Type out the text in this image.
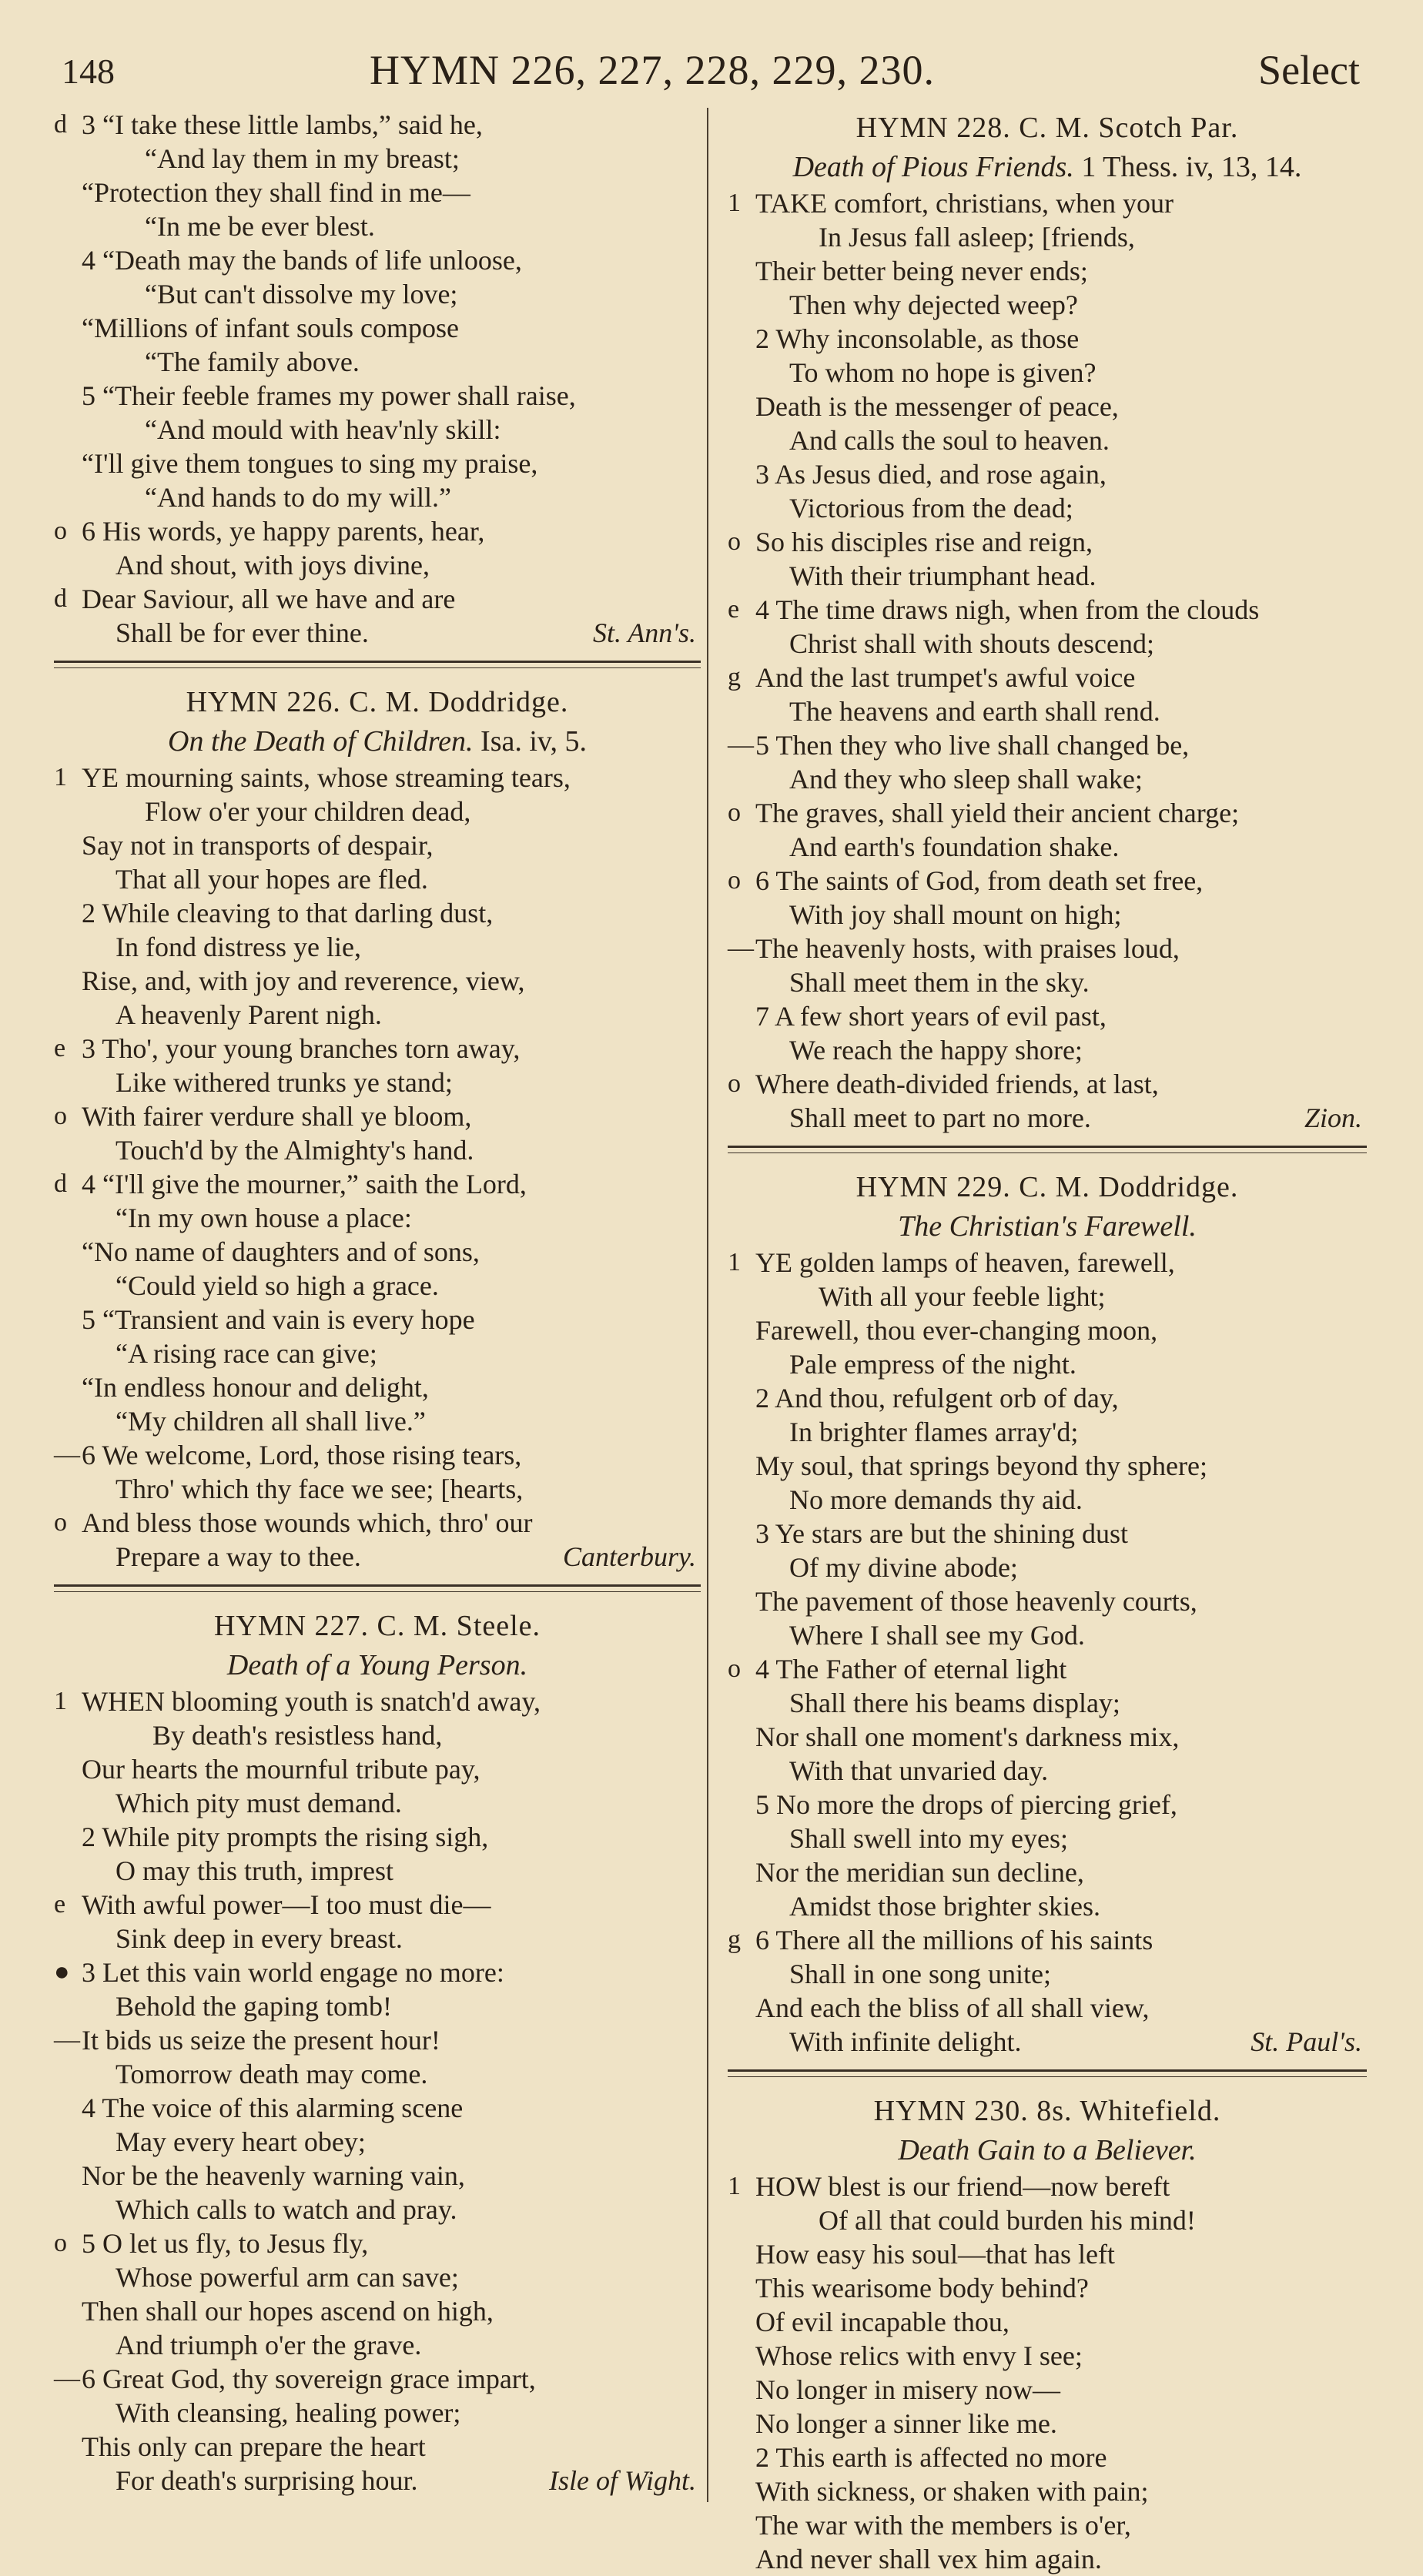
148	HYMN 226, 227, 228, 229, 230.	Select
d 3 “I take these little lambs,” said he,
“And lay them in my breast;
“Protection they shall find in me—
“In me be ever blest.
4 “Death may the bands of life unloose,
“But can't dissolve my love;
“Millions of infant souls compose
“The family above.
5 “Their feeble frames my power shall raise,
“And mould with heav'nly skill:
“I'll give them tongues to sing my praise,
“And hands to do my will.”
o 6 His words, ye happy parents, hear,
And shout, with joys divine,
d Dear Saviour, all we have and are
Shall be for ever thine.	St. Ann's.
HYMN 226. C. M. Doddridge.
On the Death of Children. Isa. iv, 5.
1 YE mourning saints, whose streaming tears,
Flow o'er your children dead,
Say not in transports of despair,
That all your hopes are fled.
2 While cleaving to that darling dust,
In fond distress ye lie,
Rise, and, with joy and reverence, view,
A heavenly Parent nigh.
e 3 Tho', your young branches torn away,
Like withered trunks ye stand;
o With fairer verdure shall ye bloom,
Touch'd by the Almighty's hand.
d 4 “I'll give the mourner,” saith the Lord,
“In my own house a place:
“No name of daughters and of sons,
“Could yield so high a grace.
5 “Transient and vain is every hope
“A rising race can give;
“In endless honour and delight,
“My children all shall live.”
— 6 We welcome, Lord, those rising tears,
Thro' which thy face we see; [hearts,
o And bless those wounds which, thro' our
Prepare a way to thee.	Canterbury.
HYMN 227. C. M. Steele.
Death of a Young Person.
1 WHEN blooming youth is snatch'd away,
By death's resistless hand,
Our hearts the mournful tribute pay,
Which pity must demand.
2 While pity prompts the rising sigh,
O may this truth, imprest
e With awful power—I too must die—
Sink deep in every breast.
● 3 Let this vain world engage no more:
Behold the gaping tomb!
— It bids us seize the present hour!
Tomorrow death may come.
4 The voice of this alarming scene
May every heart obey;
Nor be the heavenly warning vain,
Which calls to watch and pray.
o 5 O let us fly, to Jesus fly,
Whose powerful arm can save;
Then shall our hopes ascend on high,
And triumph o'er the grave.
— 6 Great God, thy sovereign grace impart,
With cleansing, healing power;
This only can prepare the heart
For death's surprising hour.	Isle of Wight.
HYMN 228. C. M. Scotch Par.
Death of Pious Friends. 1 Thess. iv, 13, 14.
1 TAKE comfort, christians, when your
In Jesus fall asleep; [friends,
Their better being never ends;
Then why dejected weep?
2 Why inconsolable, as those
To whom no hope is given?
Death is the messenger of peace,
And calls the soul to heaven.
3 As Jesus died, and rose again,
Victorious from the dead;
o So his disciples rise and reign,
With their triumphant head.
e 4 The time draws nigh, when from the clouds
Christ shall with shouts descend;
g And the last trumpet's awful voice
The heavens and earth shall rend.
— 5 Then they who live shall changed be,
And they who sleep shall wake;
o The graves, shall yield their ancient charge;
And earth's foundation shake.
o 6 The saints of God, from death set free,
With joy shall mount on high;
— The heavenly hosts, with praises loud,
Shall meet them in the sky.
7 A few short years of evil past,
We reach the happy shore;
o Where death-divided friends, at last,
Shall meet to part no more.	Zion.
HYMN 229. C. M. Doddridge.
The Christian's Farewell.
1 YE golden lamps of heaven, farewell,
With all your feeble light;
Farewell, thou ever-changing moon,
Pale empress of the night.
2 And thou, refulgent orb of day,
In brighter flames array'd;
My soul, that springs beyond thy sphere;
No more demands thy aid.
3 Ye stars are but the shining dust
Of my divine abode;
The pavement of those heavenly courts,
Where I shall see my God.
o 4 The Father of eternal light
Shall there his beams display;
Nor shall one moment's darkness mix,
With that unvaried day.
5 No more the drops of piercing grief,
Shall swell into my eyes;
Nor the meridian sun decline,
Amidst those brighter skies.
g 6 There all the millions of his saints
Shall in one song unite;
And each the bliss of all shall view,
With infinite delight.	St. Paul's.
HYMN 230. 8s. Whitefield.
Death Gain to a Believer.
1 HOW blest is our friend—now bereft
Of all that could burden his mind!
How easy his soul—that has left
This wearisome body behind?
Of evil incapable thou,
Whose relics with envy I see;
No longer in misery now—
No longer a sinner like me.
2 This earth is affected no more
With sickness, or shaken with pain;
The war with the members is o'er,
And never shall vex him again.
